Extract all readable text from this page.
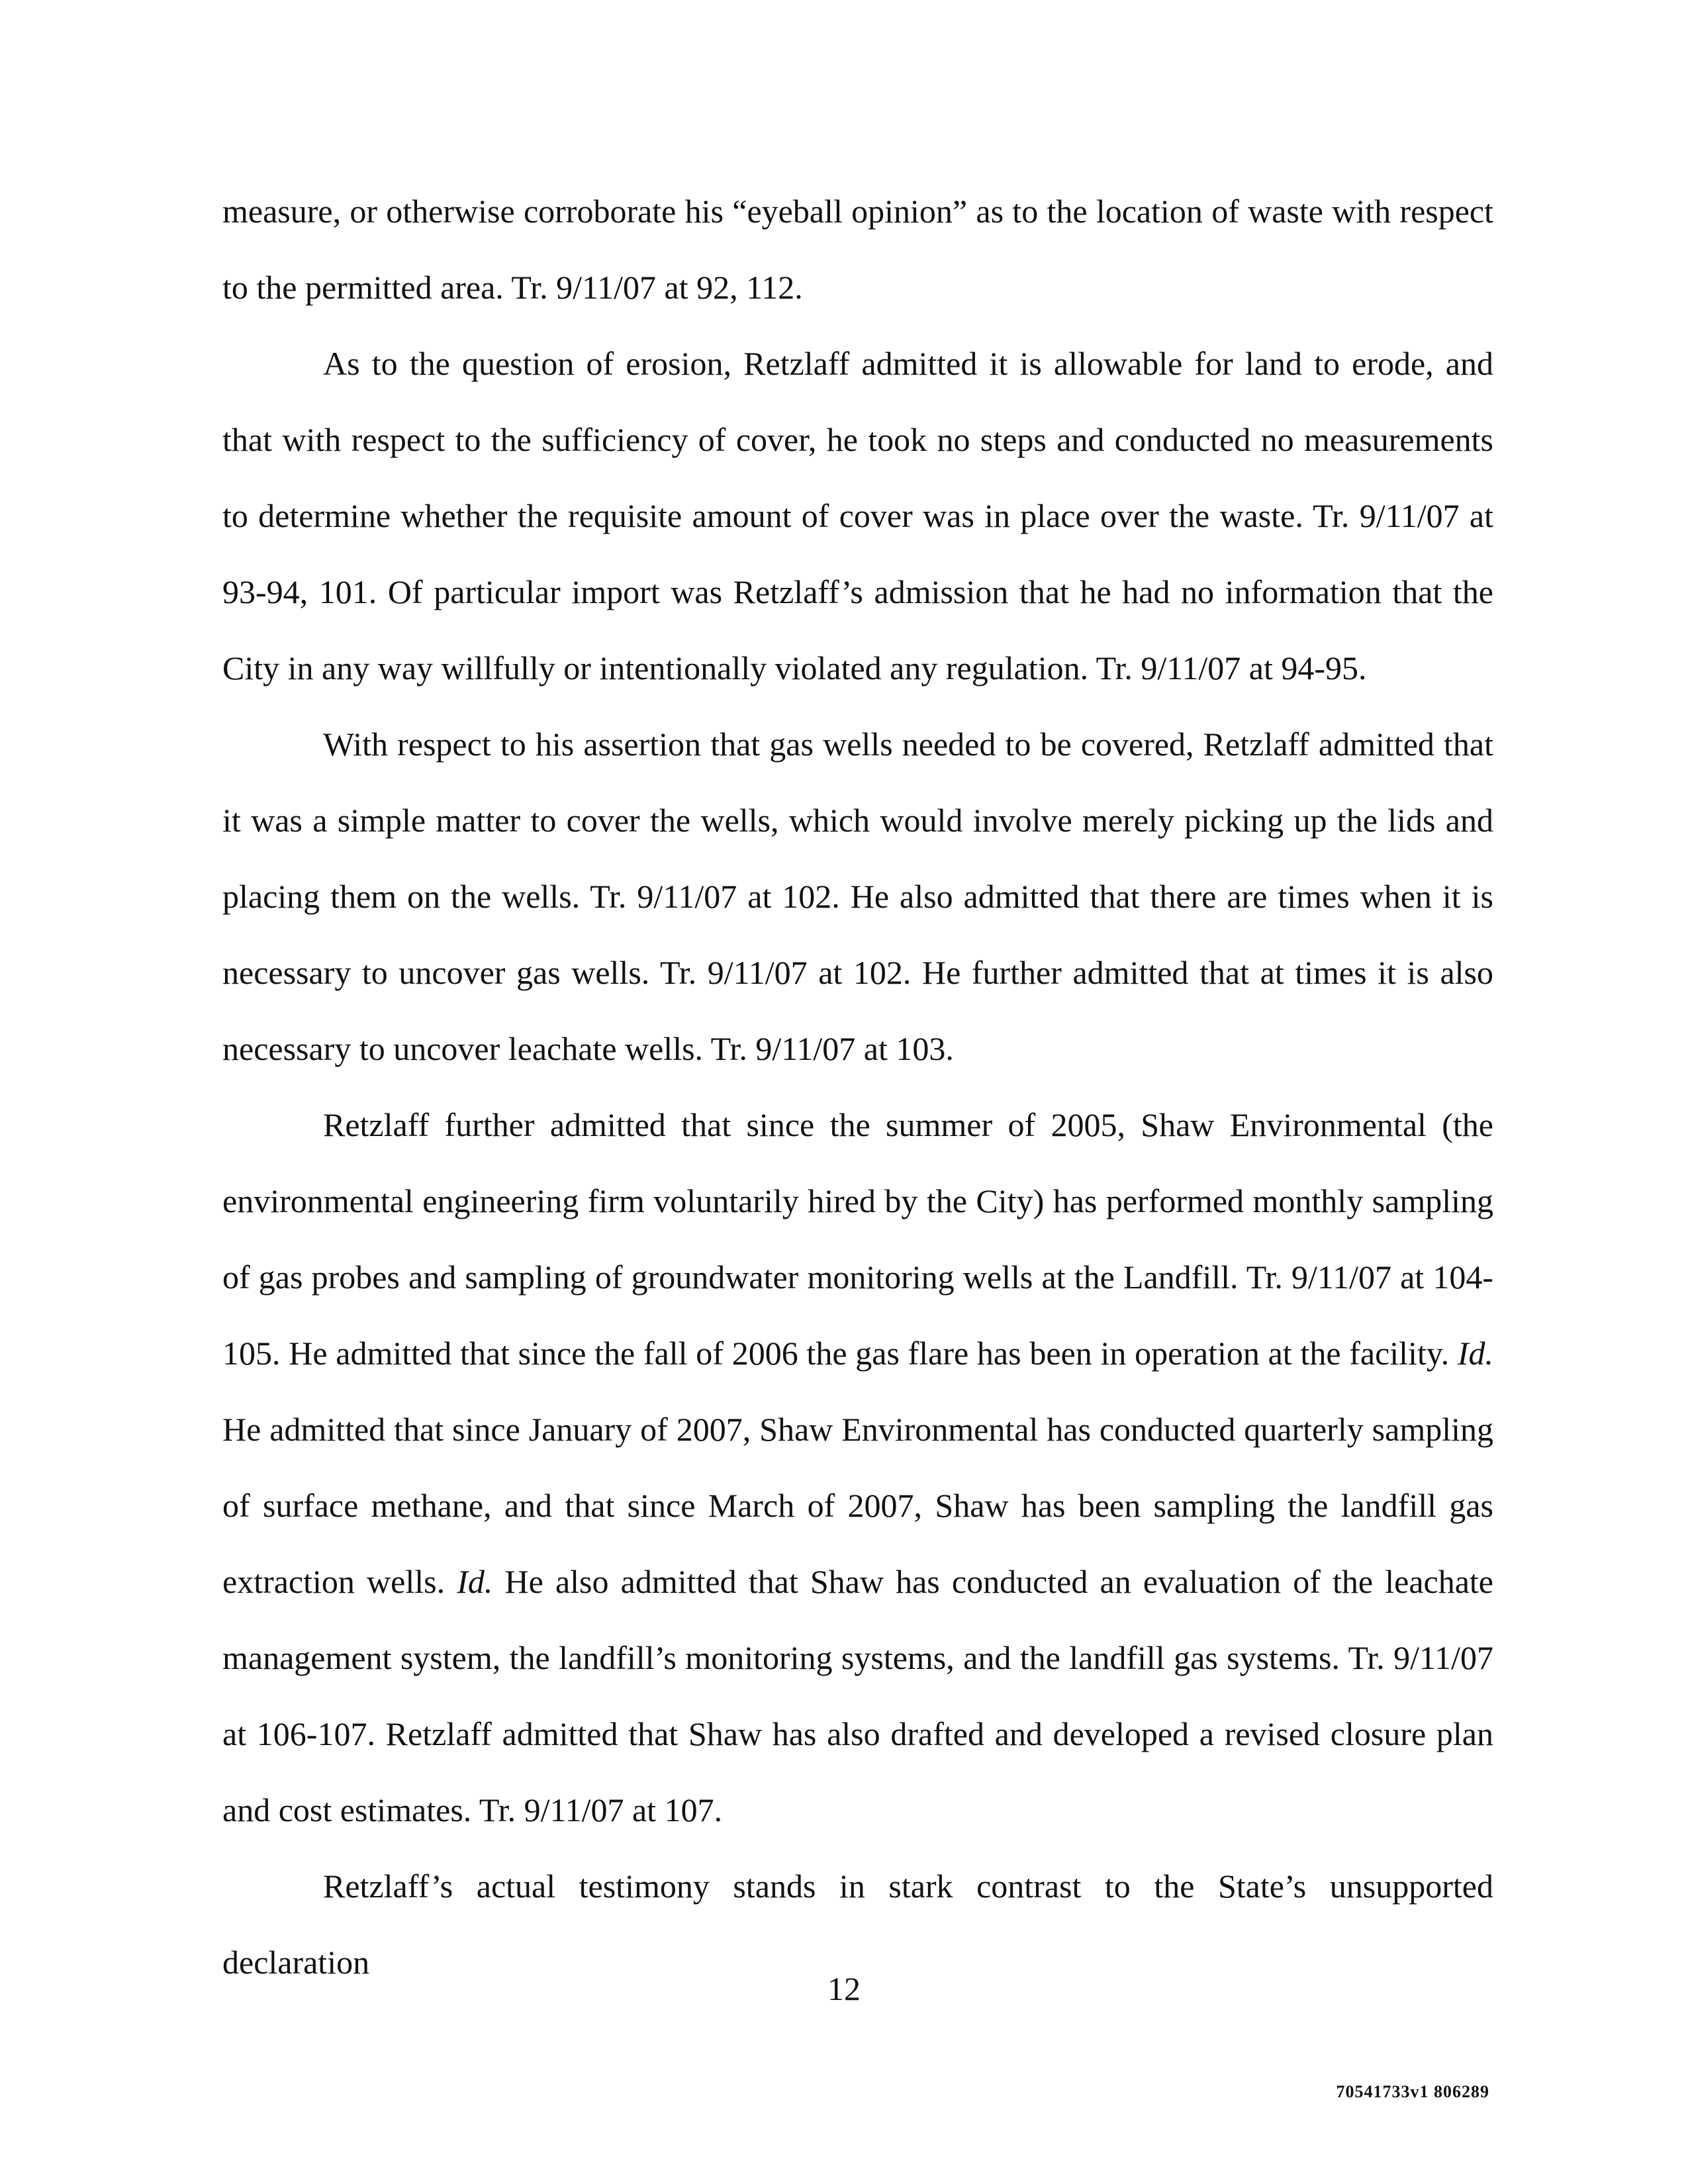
measure, or otherwise corroborate his “eyeball opinion” as to the location of waste with respect to the permitted area. Tr. 9/11/07 at 92, 112.

As to the question of erosion, Retzlaff admitted it is allowable for land to erode, and that with respect to the sufficiency of cover, he took no steps and conducted no measurements to determine whether the requisite amount of cover was in place over the waste. Tr. 9/11/07 at 93-94, 101. Of particular import was Retzlaff’s admission that he had no information that the City in any way willfully or intentionally violated any regulation. Tr. 9/11/07 at 94-95.

With respect to his assertion that gas wells needed to be covered, Retzlaff admitted that it was a simple matter to cover the wells, which would involve merely picking up the lids and placing them on the wells. Tr. 9/11/07 at 102. He also admitted that there are times when it is necessary to uncover gas wells. Tr. 9/11/07 at 102. He further admitted that at times it is also necessary to uncover leachate wells. Tr. 9/11/07 at 103.

Retzlaff further admitted that since the summer of 2005, Shaw Environmental (the environmental engineering firm voluntarily hired by the City) has performed monthly sampling of gas probes and sampling of groundwater monitoring wells at the Landfill. Tr. 9/11/07 at 104-105. He admitted that since the fall of 2006 the gas flare has been in operation at the facility. Id. He admitted that since January of 2007, Shaw Environmental has conducted quarterly sampling of surface methane, and that since March of 2007, Shaw has been sampling the landfill gas extraction wells. Id. He also admitted that Shaw has conducted an evaluation of the leachate management system, the landfill’s monitoring systems, and the landfill gas systems. Tr. 9/11/07 at 106-107. Retzlaff admitted that Shaw has also drafted and developed a revised closure plan and cost estimates. Tr. 9/11/07 at 107.

Retzlaff’s actual testimony stands in stark contrast to the State’s unsupported declaration

12
70541733v1 806289
